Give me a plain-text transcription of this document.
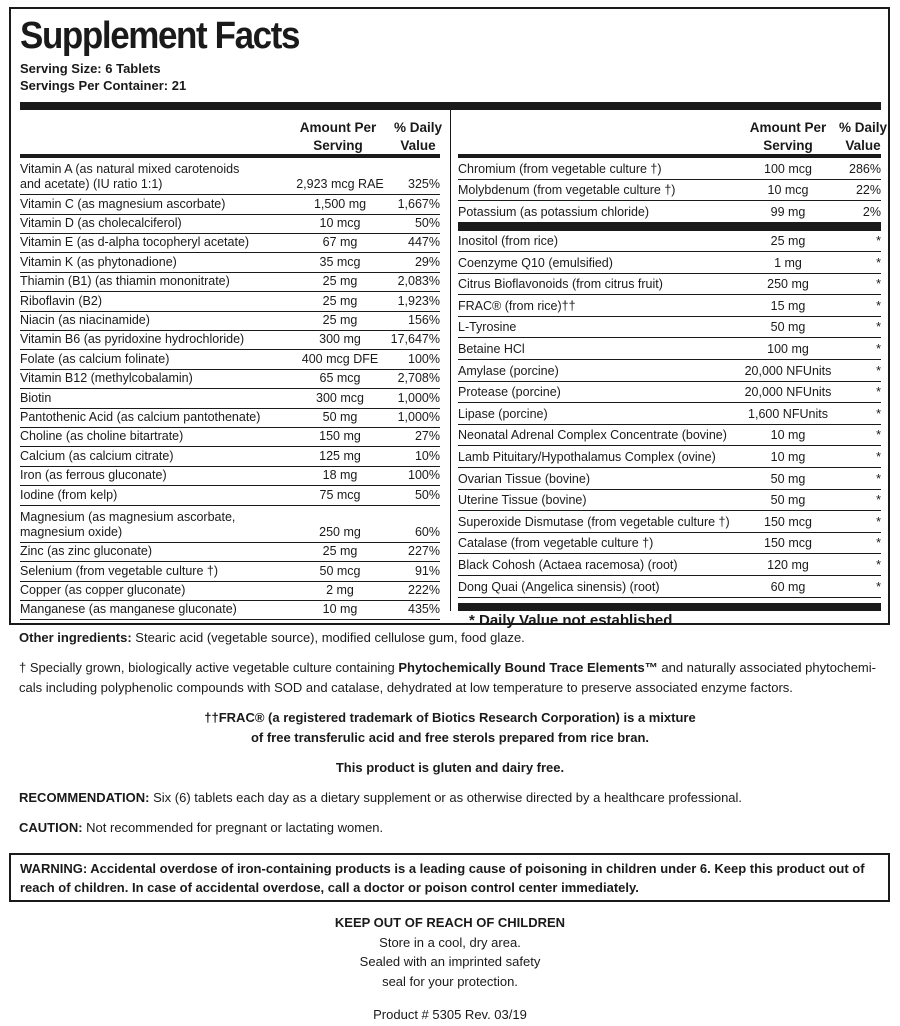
Supplement Facts
Serving Size: 6 Tablets
Servings Per Container: 21
Amount Per
Serving
% Daily
Value
Vitamin A (as natural mixed carotenoids
and acetate) (IU ratio 1:1)	2,923 mcg RAE 325%
Vitamin C (as magnesium ascorbate)	1,500 mg	1,667%
Vitamin D (as cholecalciferol)	10 mcg	50%
Vitamin E (as d-alpha tocopheryl acetate)	67 mg	447%
Vitamin K (as phytonadione)	35 mcg	29%
Thiamin (B1) (as thiamin mononitrate)	25 mg	2,083%
Riboflavin (B2)	25 mg	1,923%
Niacin (as niacinamide)	25 mg	156%
Vitamin B6 (as pyridoxine hydrochloride)	300 mg	17,647%
Folate (as calcium folinate)	400 mcg DFE	100%
Vitamin B12 (methylcobalamin)	65 mcg	2,708%
Biotin	300 mcg	1,000%
Pantothenic Acid (as calcium pantothenate)	50 mg	1,000%
Choline (as choline bitartrate)	150 mg	27%
Calcium (as calcium citrate)	125 mg	10%
Iron (as ferrous gluconate)	18 mg	100%
Iodine (from kelp)	75 mcg	50%
Magnesium (as magnesium ascorbate,
magnesium oxide)	250 mg	60%
Zinc (as zinc gluconate)	25 mg	227%
Selenium (from vegetable culture †)	50 mcg	91%
Copper (as copper gluconate)	2 mg	222%
Manganese (as manganese gluconate)	10 mg	435%
Amount Per
Serving
% Daily
Value
Chromium (from vegetable culture †)	100 mcg	286%
Molybdenum (from vegetable culture †)	10 mcg	22%
Potassium (as potassium chloride)	99 mg	2%
Inositol (from rice)	25 mg	*
Coenzyme Q10 (emulsified)	1 mg	*
Citrus Bioflavonoids (from citrus fruit)	250 mg	*
FRAC® (from rice)††	15 mg	*
L-Tyrosine	50 mg	*
Betaine HCl	100 mg	*
Amylase (porcine)	20,000 NFUnits	*
Protease (porcine)	20,000 NFUnits	*
Lipase (porcine)	1,600 NFUnits	*
Neonatal Adrenal Complex Concentrate (bovine)	10 mg	*
Lamb Pituitary/Hypothalamus Complex (ovine)	10 mg	*
Ovarian Tissue (bovine)	50 mg	*
Uterine Tissue (bovine)	50 mg	*
Superoxide Dismutase (from vegetable culture †)	150 mcg	*
Catalase (from vegetable culture †)	150 mcg	*
Black Cohosh (Actaea racemosa) (root)	120 mg	*
Dong Quai (Angelica sinensis) (root)	60 mg	*
* Daily Value not established
Other ingredients: Stearic acid (vegetable source), modified cellulose gum, food glaze.
† Specially grown, biologically active vegetable culture containing Phytochemically Bound Trace Elements™ and naturally associated phytochemi-cals including polyphenolic compounds with SOD and catalase, dehydrated at low temperature to preserve associated enzyme factors.
††FRAC® (a registered trademark of Biotics Research Corporation) is a mixture
of free transferulic acid and free sterols prepared from rice bran.
This product is gluten and dairy free.
RECOMMENDATION: Six (6) tablets each day as a dietary supplement or as otherwise directed by a healthcare professional.
CAUTION: Not recommended for pregnant or lactating women.
WARNING: Accidental overdose of iron-containing products is a leading cause of poisoning in children under 6. Keep this product out of reach of children. In case of accidental overdose, call a doctor or poison control center immediately.
KEEP OUT OF REACH OF CHILDREN
Store in a cool, dry area.
Sealed with an imprinted safety
seal for your protection.
Product # 5305 Rev. 03/19
